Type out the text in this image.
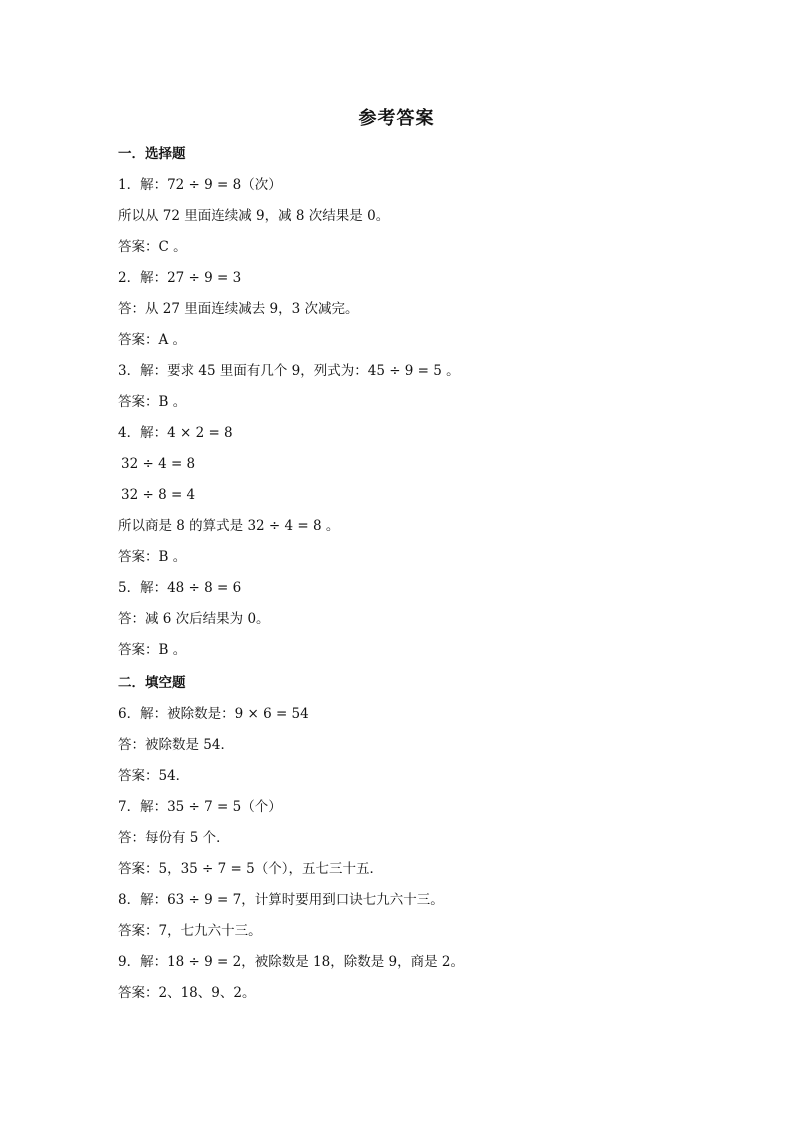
参考答案
一．选择题
1．解：72 ÷ 9 = 8（次）
所以从 72 里面连续减 9，减 8 次结果是 0。
答案：C 。
2．解：27 ÷ 9 = 3
答：从 27 里面连续减去 9，3 次减完。
答案：A 。
3．解：要求 45 里面有几个 9，列式为：45 ÷ 9 = 5 。
答案：B 。
4．解：4 × 2 = 8
32 ÷ 4 = 8
32 ÷ 8 = 4
所以商是 8 的算式是 32 ÷ 4 = 8 。
答案：B 。
5．解：48 ÷ 8 = 6
答：减 6 次后结果为 0。
答案：B 。
二．填空题
6．解：被除数是：9 × 6 = 54
答：被除数是 54．
答案：54．
7．解：35 ÷ 7 = 5（个）
答：每份有 5 个．
答案：5，35 ÷ 7 = 5（个），五七三十五．
8．解：63 ÷ 9 = 7，计算时要用到口诀七九六十三。
答案：7，七九六十三。
9．解：18 ÷ 9 = 2，被除数是 18，除数是 9，商是 2。
答案：2、18、9、2。
